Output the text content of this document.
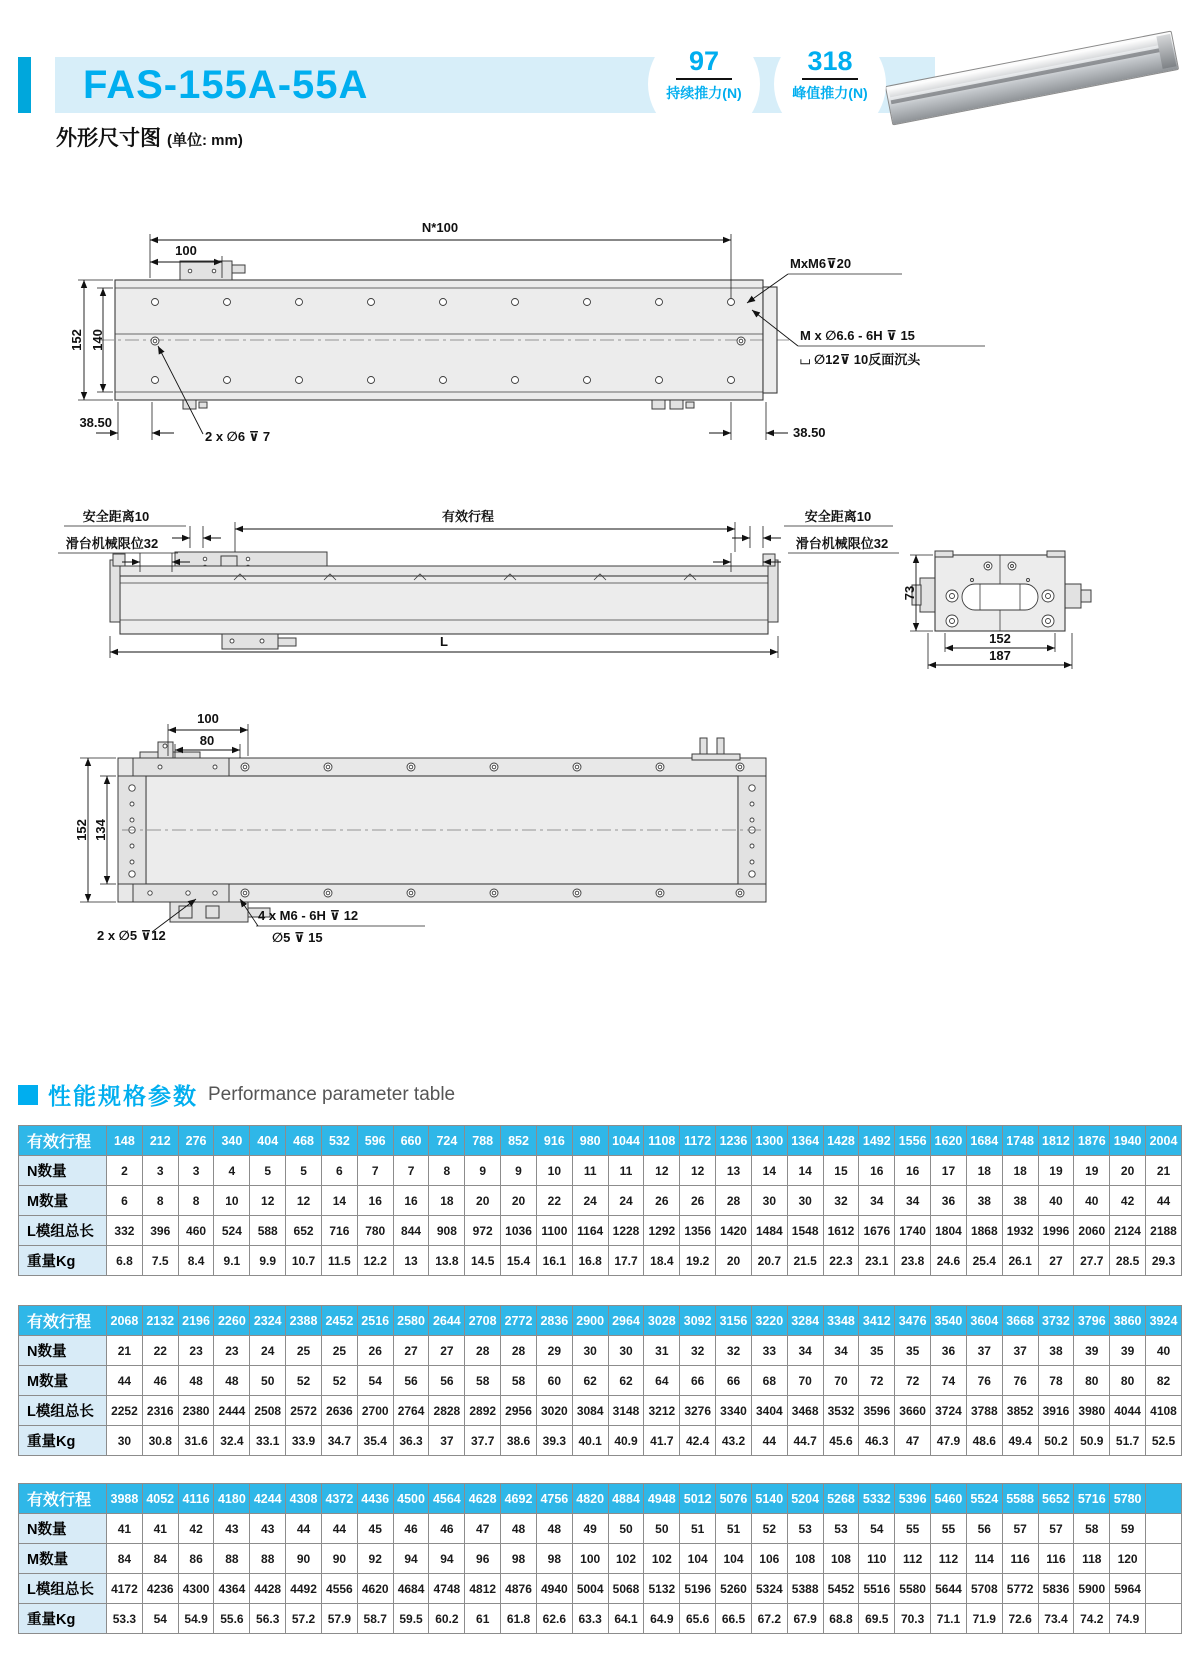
FAS-155A-55A
97
持续推力(N)
318
峰值推力(N)
外形尺寸图 (单位: mm)
N*100
100
152 140
38.50
38.50
2 x ∅6 ⊽ 7
MxM6⊽20
M x ∅6.6 - 6H ⊽ 15
⌴ ∅12⊽ 10反面沉头
安全距离10
滑台机械限位32
有效行程	安全距离10
滑台机械限位32
L
73
152
187
100
80
152 134
2 x ∅5 ⊽12
4 x M6 - 6H ⊽ 12
∅5 ⊽ 15
性能规格参数 Performance parameter table
有效行程	148	212	276	340	404	468	532	596	660	724	788	852	916	980	1044	1108	1172	1236	1300	1364	1428	1492	1556	1620	1684	1748	1812	1876	1940	2004
N数量	2	3	3	4	5	5	6	7	7	8	9	9	10	11	11	12	12	13	14	14	15	16	16	17	18	18	19	19	20	21
M数量	6	8	8	10	12	12	14	16	16	18	20	20	22	24	24	26	26	28	30	30	32	34	34	36	38	38	40	40	42	44
L模组总长	332	396	460	524	588	652	716	780	844	908	972	1036	1100	1164	1228	1292	1356	1420	1484	1548	1612	1676	1740	1804	1868	1932	1996	2060	2124	2188
重量Kg	6.8	7.5	8.4	9.1	9.9	10.7	11.5	12.2	13	13.8	14.5	15.4	16.1	16.8	17.7	18.4	19.2	20	20.7	21.5	22.3	23.1	23.8	24.6	25.4	26.1	27	27.7	28.5	29.3
有效行程	2068	2132	2196	2260	2324	2388	2452	2516	2580	2644	2708	2772	2836	2900	2964	3028	3092	3156	3220	3284	3348	3412	3476	3540	3604	3668	3732	3796	3860	3924
N数量	21	22	23	23	24	25	25	26	27	27	28	28	29	30	30	31	32	32	33	34	34	35	35	36	37	37	38	39	39	40
M数量	44	46	48	48	50	52	52	54	56	56	58	58	60	62	62	64	66	66	68	70	70	72	72	74	76	76	78	80	80	82
L模组总长	2252	2316	2380	2444	2508	2572	2636	2700	2764	2828	2892	2956	3020	3084	3148	3212	3276	3340	3404	3468	3532	3596	3660	3724	3788	3852	3916	3980	4044	4108
重量Kg	30	30.8	31.6	32.4	33.1	33.9	34.7	35.4	36.3	37	37.7	38.6	39.3	40.1	40.9	41.7	42.4	43.2	44	44.7	45.6	46.3	47	47.9	48.6	49.4	50.2	50.9	51.7	52.5
有效行程	3988	4052	4116	4180	4244	4308	4372	4436	4500	4564	4628	4692	4756	4820	4884	4948	5012	5076	5140	5204	5268	5332	5396	5460	5524	5588	5652	5716	5780	
N数量	41	41	42	43	43	44	44	45	46	46	47	48	48	49	50	50	51	51	52	53	53	54	55	55	56	57	57	58	59	
M数量	84	84	86	88	88	90	90	92	94	94	96	98	98	100	102	102	104	104	106	108	108	110	112	112	114	116	116	118	120	
L模组总长	4172	4236	4300	4364	4428	4492	4556	4620	4684	4748	4812	4876	4940	5004	5068	5132	5196	5260	5324	5388	5452	5516	5580	5644	5708	5772	5836	5900	5964	
重量Kg	53.3	54	54.9	55.6	56.3	57.2	57.9	58.7	59.5	60.2	61	61.8	62.6	63.3	64.1	64.9	65.6	66.5	67.2	67.9	68.8	69.5	70.3	71.1	71.9	72.6	73.4	74.2	74.9	
